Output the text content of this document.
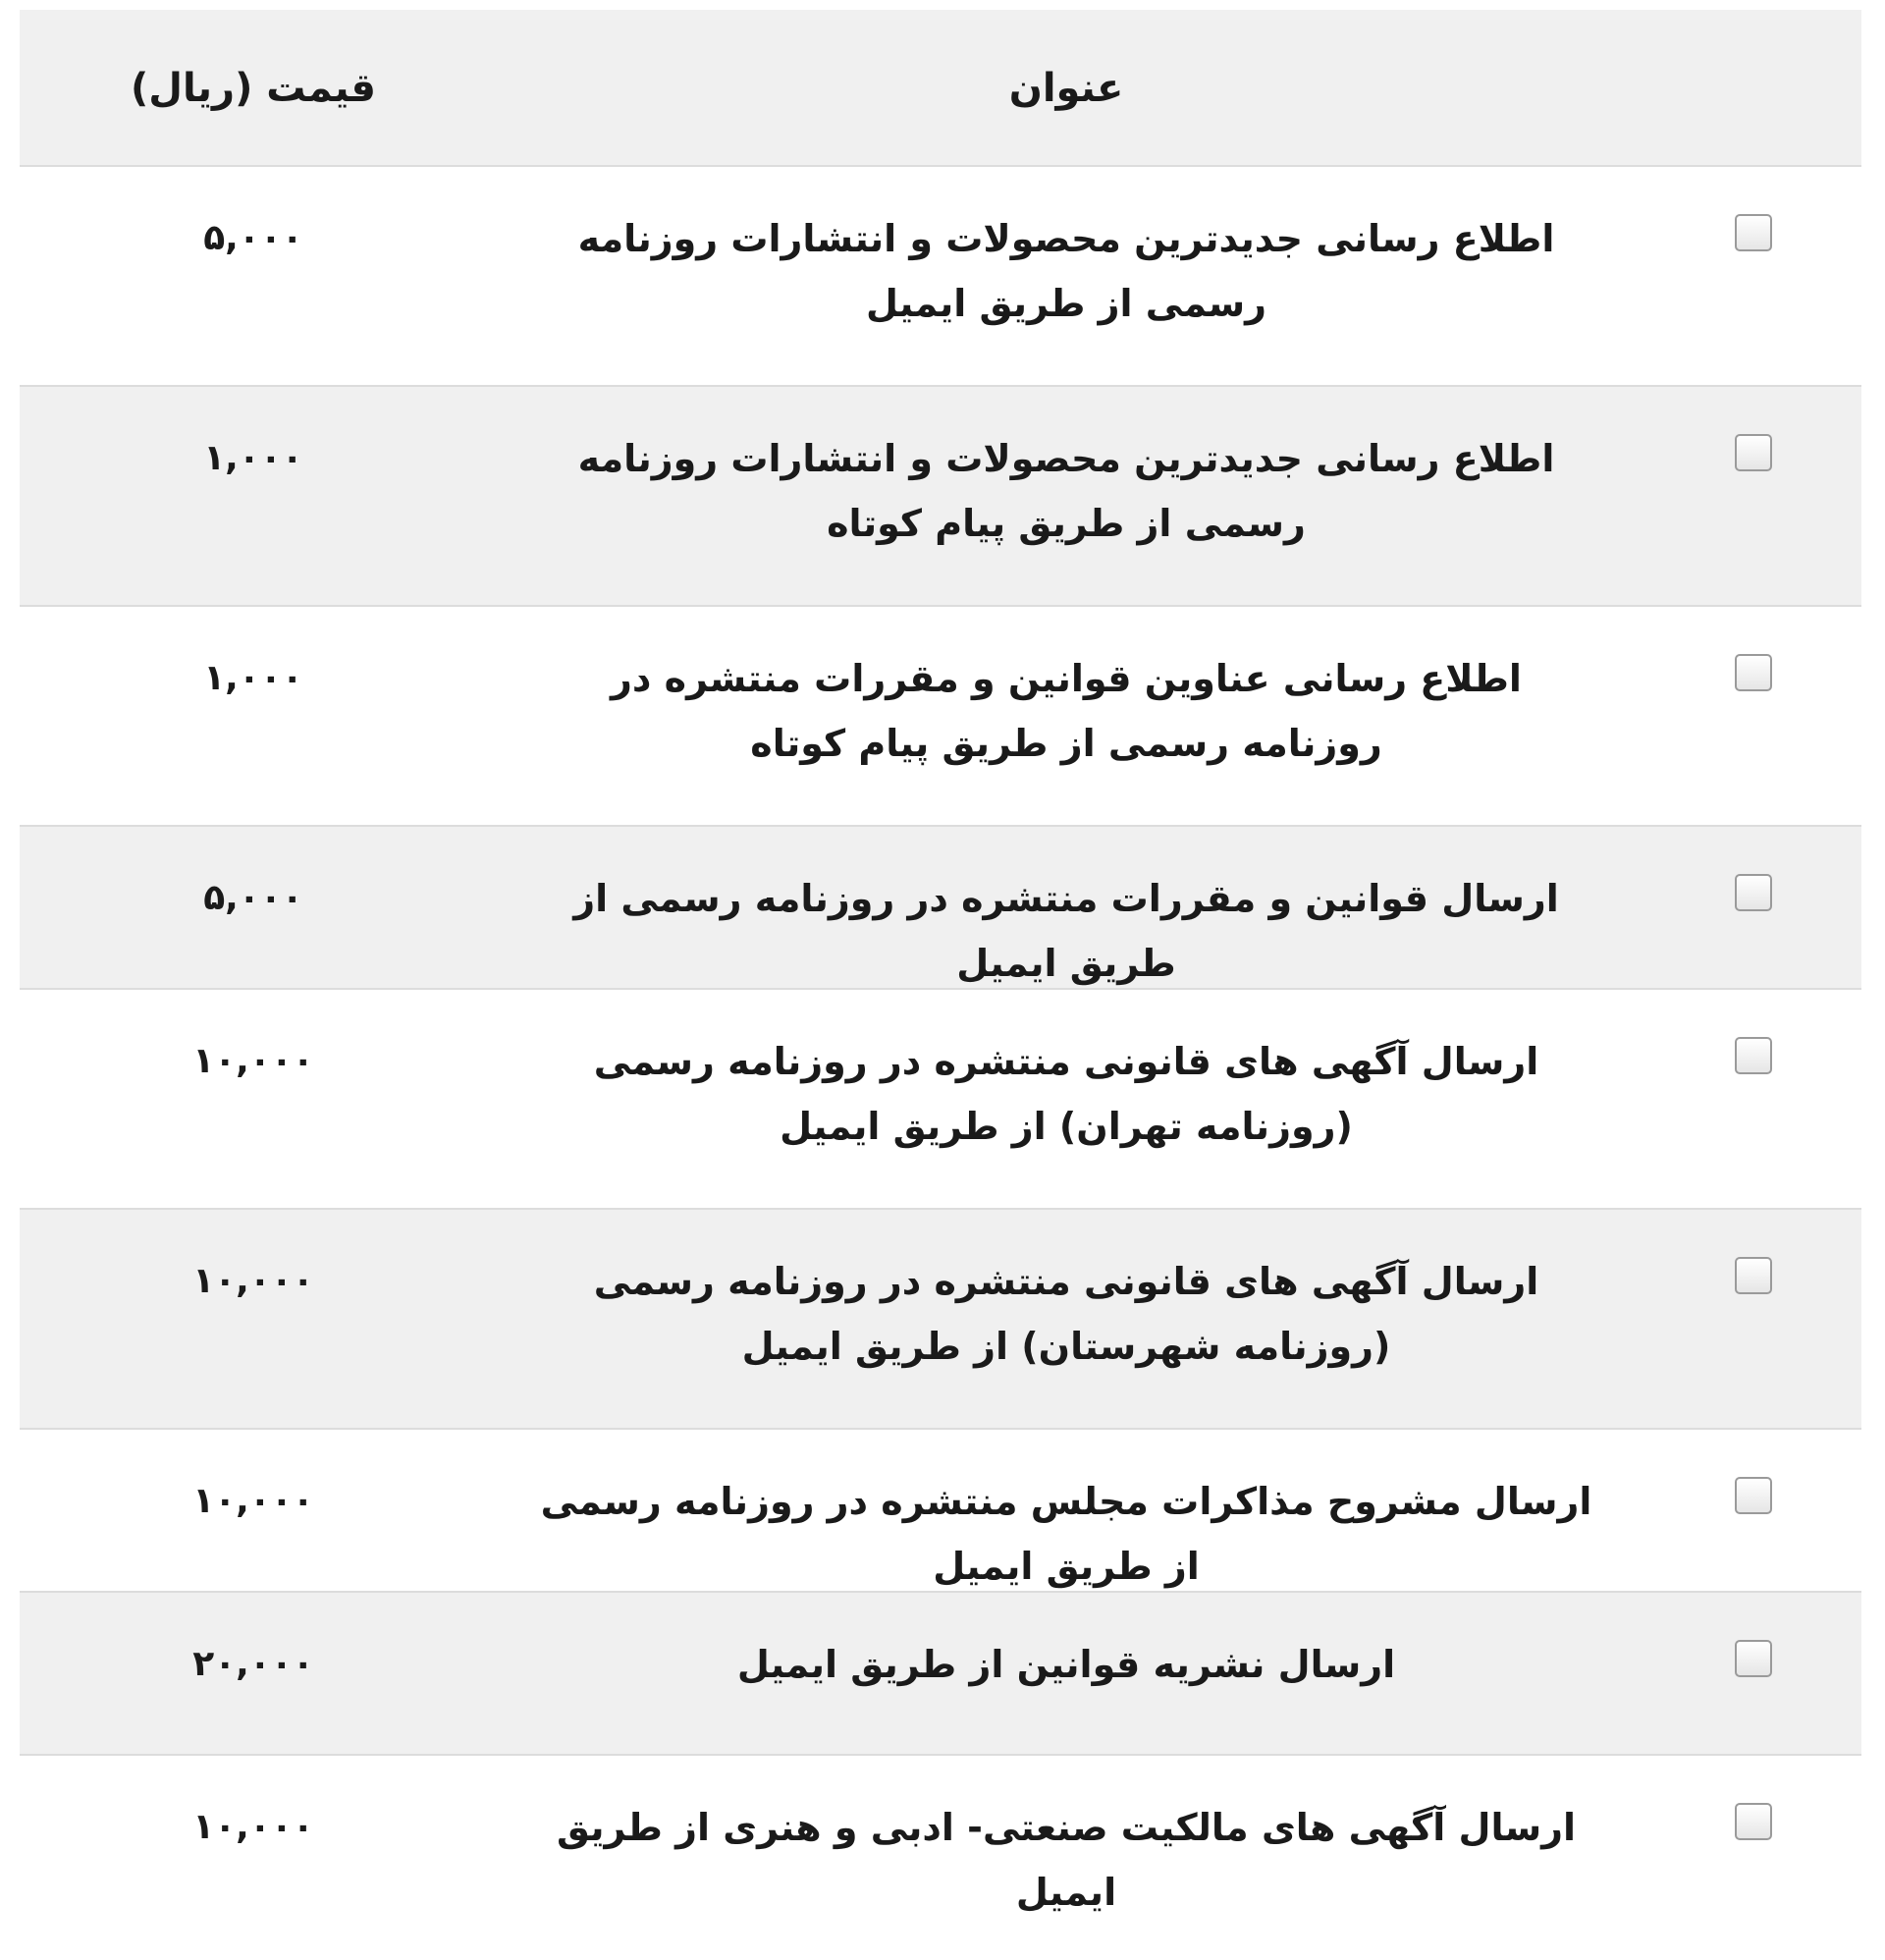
عنوان
قیمت (ریال)
اطلاع رسانی جدیدترین محصولات و انتشارات روزنامه رسمی از طریق ایمیل
۵,۰۰۰
اطلاع رسانی جدیدترین محصولات و انتشارات روزنامه رسمی از طریق پیام کوتاه
۱,۰۰۰
اطلاع رسانی عناوین قوانین و مقررات منتشره در روزنامه رسمی از طریق پیام کوتاه
۱,۰۰۰
ارسال قوانین و مقررات منتشره در روزنامه رسمی از طریق ایمیل
۵,۰۰۰
ارسال آگهی های قانونی منتشره در روزنامه رسمی (روزنامه تهران) از طریق ایمیل
۱۰,۰۰۰
ارسال آگهی های قانونی منتشره در روزنامه رسمی (روزنامه شهرستان) از طریق ایمیل
۱۰,۰۰۰
ارسال مشروح مذاکرات مجلس منتشره در روزنامه رسمی از طریق ایمیل
۱۰,۰۰۰
ارسال نشریه قوانین از طریق ایمیل
۲۰,۰۰۰
ارسال آگهی های مالکیت صنعتی- ادبی و هنری از طریق ایمیل
۱۰,۰۰۰
